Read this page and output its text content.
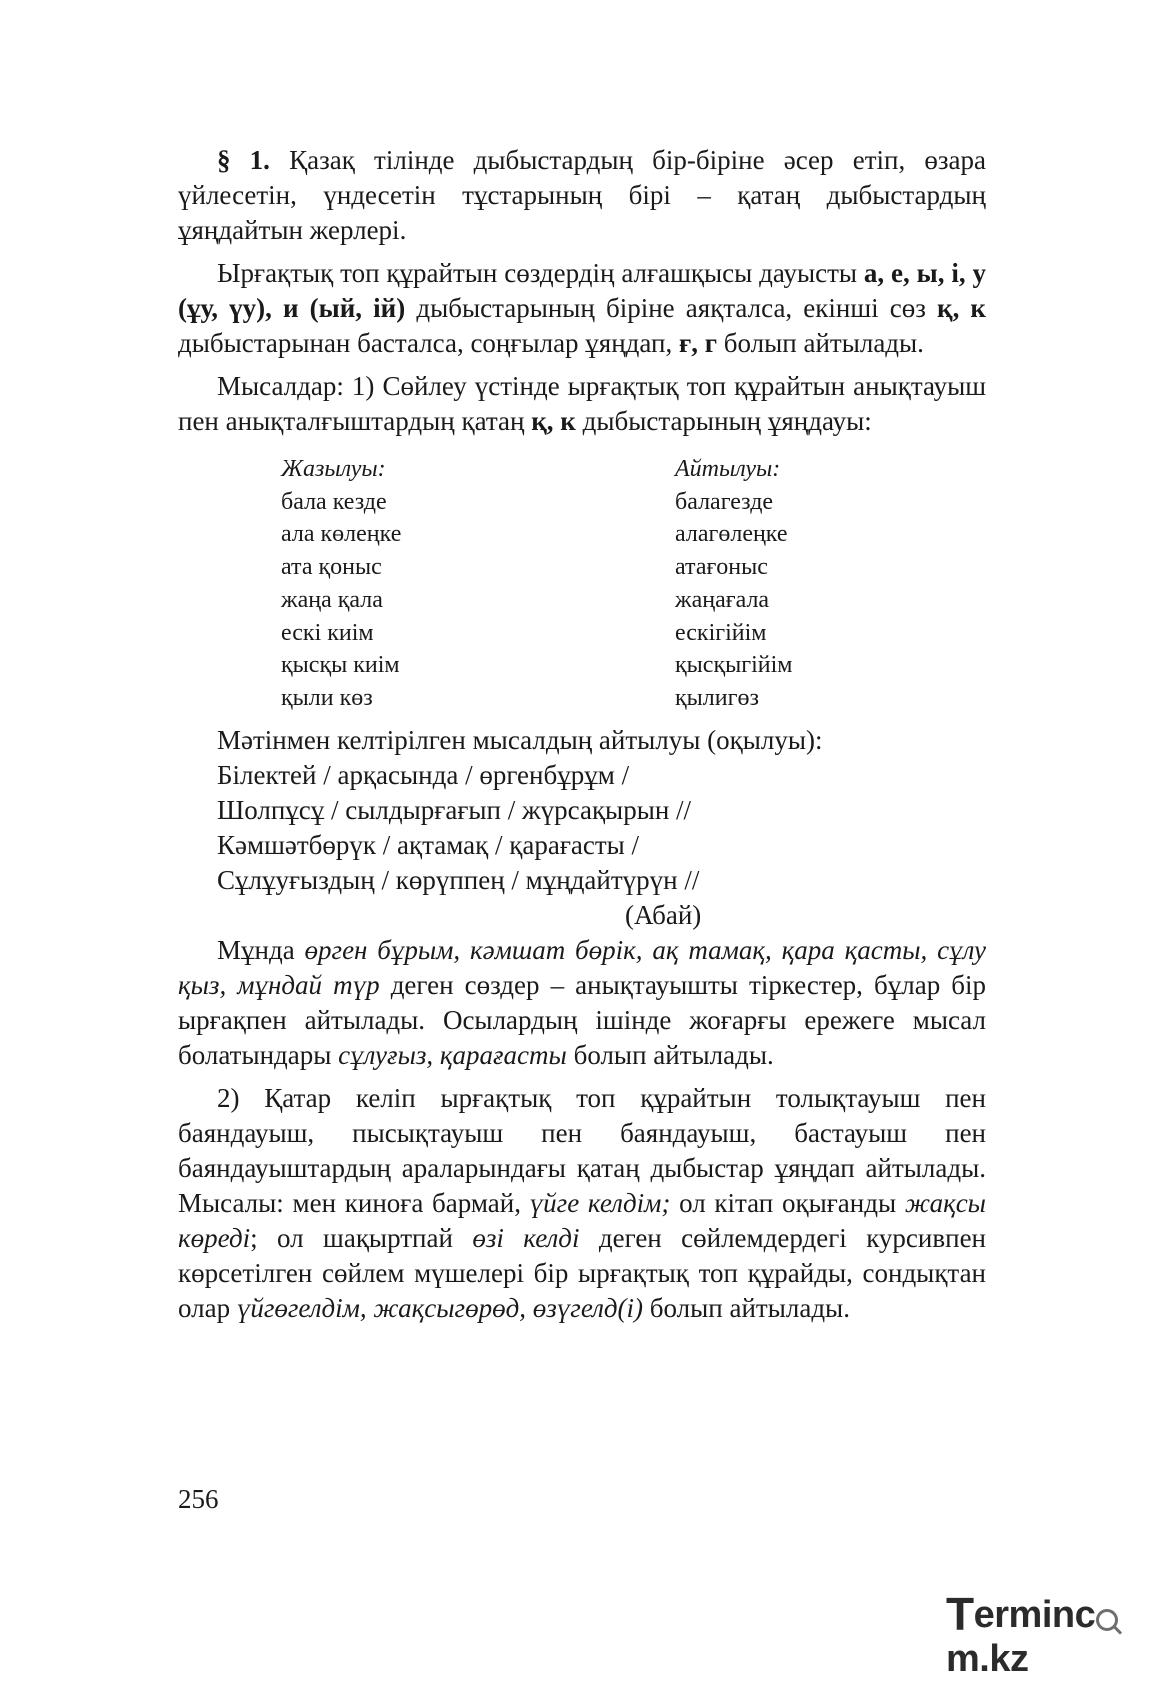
§ 1. Қазақ тілінде дыбыстардың бір-біріне әсер етіп, өзара үйлесетін, үндесетін тұстарының бірі – қатаң дыбыстардың ұяңдайтын жерлері.

Ырғақтық топ құрайтын сөздердің алғашқысы дауысты а, е, ы, і, у (ұу, үу), и (ый, ій) дыбыстарының біріне аяқталса, екінші сөз қ, к дыбыстарынан басталса, соңғылар ұяңдап, ғ, г болып айтылады.

Мысалдар: 1) Сөйлеу үстінде ырғақтық топ құрайтын анықтауыш пен анықталғыштардың қатаң қ, к дыбыстарының ұяңдауы:

Жазылуы:
бала кезде
ала көлеңке
ата қоныс
жаңа қала
ескі киім
қысқы киім
қыли көз
Айтылуы:
балагезде
алагөлеңке
атағоныс
жаңағала
ескігійім
қысқыгійім
қылигөз
Мәтінмен келтірілген мысалдың айтылуы (оқылуы):
Білектей / арқасында / өргенбұрұм /
Шолпұсұ / сылдырғағып / жүрсақырын //
Кәмшәтбөрүк / ақтамақ / қарағасты /
Сұлұуғыздың / көрүппең / мұңдайтүрүн //
(Абай)

Мұнда өрген бұрым, кәмшат бөрік, ақ тамақ, қара қасты, сұлу қыз, мұндай түр деген сөздер – анықтауышты тіркестер, бұлар бір ырғақпен айтылады. Осылардың ішінде жоғарғы ережеге мысал болатындары сұлуғыз, қарағасты болып айтылады.

2) Қатар келіп ырғақтық топ құрайтын толықтауыш пен баяндауыш, пысықтауыш пен баяндауыш, бастауыш пен баяндауыштардың араларындағы қатаң дыбыстар ұяңдап айтылады. Мысалы: мен киноға бармай, үйге келдім; ол кітап оқығанды жақсы көреді; ол шақыртпай өзі келді деген сөйлемдердегі курсивпен көрсетілген сөйлем мүшелері бір ырғақтық топ құрайды, сондықтан олар үйгөгелдім, жақсыгөрөд, өзүгелд(і) болып айтылады.

256
Termincm.kz
